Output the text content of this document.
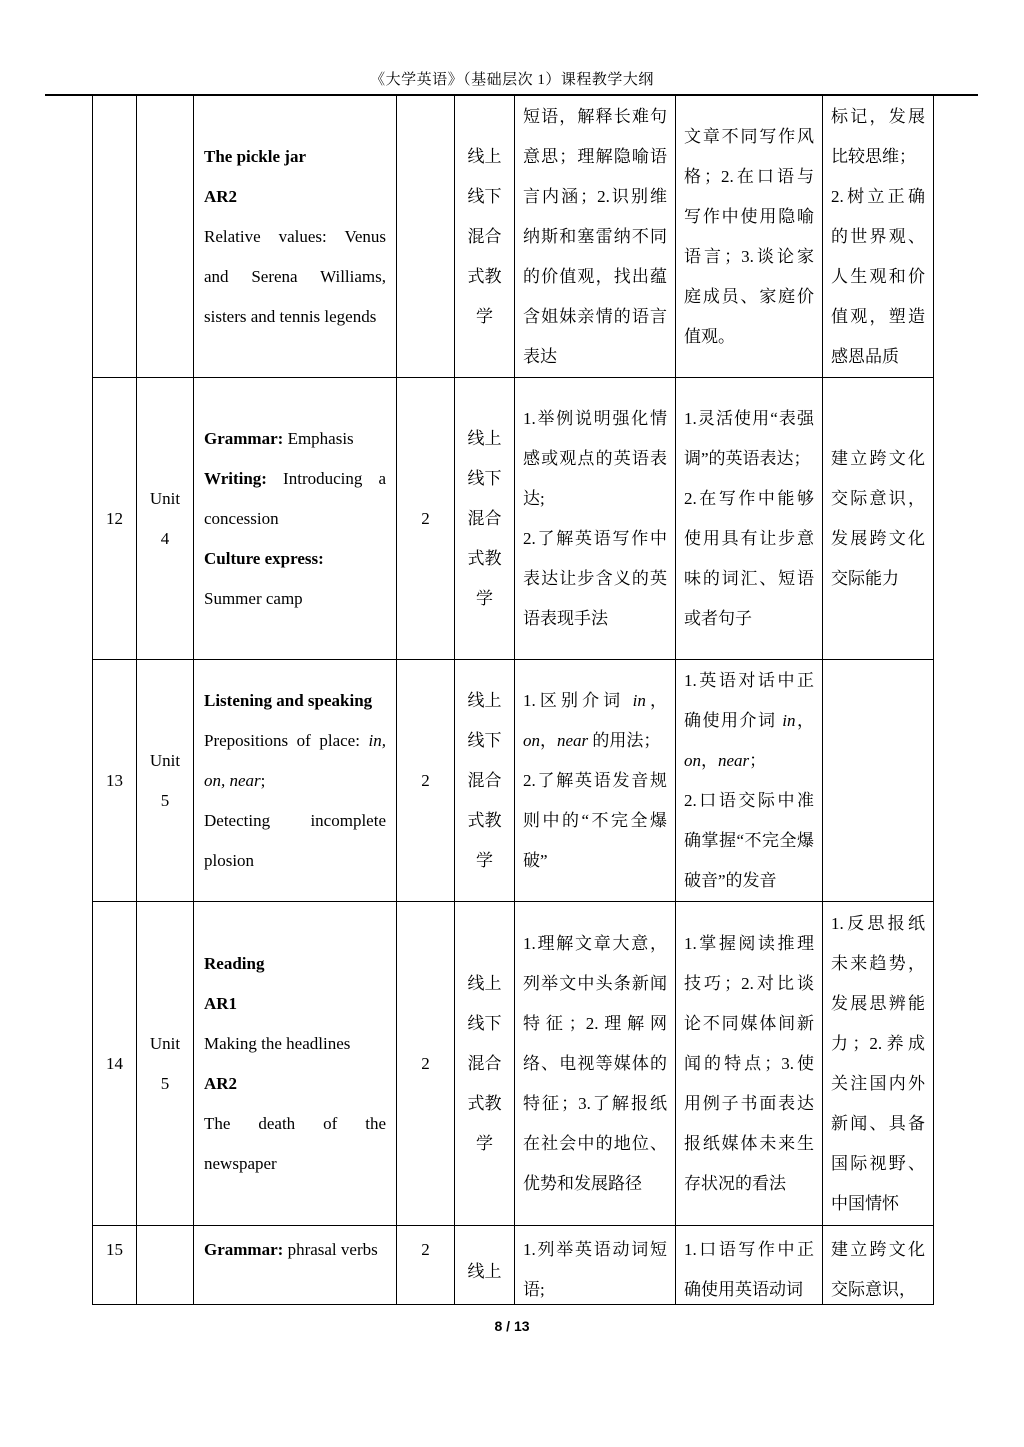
《大学英语》（基础层次 1）课程教学大纲

The pickle jar

AR2

Relative values: Venus and Serena Williams, sisters and tennis legends

线上线下混合式教学

短语，解释长难句意思；理解隐喻语言内涵；2.识别维纳斯和塞雷纳不同的价值观，找出蕴含姐妹亲情的语言表达

文章不同写作风格；2.在口语与写作中使用隐喻语言；3.谈论家庭成员、家庭价值观。

标记，发展比较思维；

2.树立正确的世界观、人生观和价值观，塑造感恩品质

12
Unit
4

Grammar: Emphasis

Writing: Introducing a concession

Culture express:

Summer camp

2
线上线下混合式教学

1.举例说明强化情感或观点的英语表达;

2.了解英语写作中表达让步含义的英语表现手法

1.灵活使用“表强调”的英语表达；

2.在写作中能够使用具有让步意味的词汇、短语或者句子

建立跨文化交际意识，发展跨文化交际能力

13
Unit
5

Listening and speaking

Prepositions of place: in, on, near;

Detecting incomplete plosion

2
线上线下混合式教学

1.区别介词 in，on，near 的用法；

2.了解英语发音规则中的“不完全爆破”

1.英语对话中正确使用介词 in，on，near；

2.口语交际中准确掌握“不完全爆破音”的发音

14
Unit
5

Reading

AR1

Making the headlines

AR2

The death of the newspaper

2
线上线下混合式教学

1.理解文章大意，列举文中头条新闻特征；2.理解网络、电视等媒体的特征；3.了解报纸在社会中的地位、优势和发展路径

1.掌握阅读推理技巧；2.对比谈论不同媒体间新闻的特点；3.使用例子书面表达报纸媒体未来生存状况的看法

1.反思报纸未来趋势，发展思辨能力；2.养成关注国内外新闻、具备国际视野、中国情怀

15	Grammar: phrasal verbs	2
线上

1.列举英语动词短语;

1.口语写作中正确使用英语动词

建立跨文化交际意识，

8 / 13
